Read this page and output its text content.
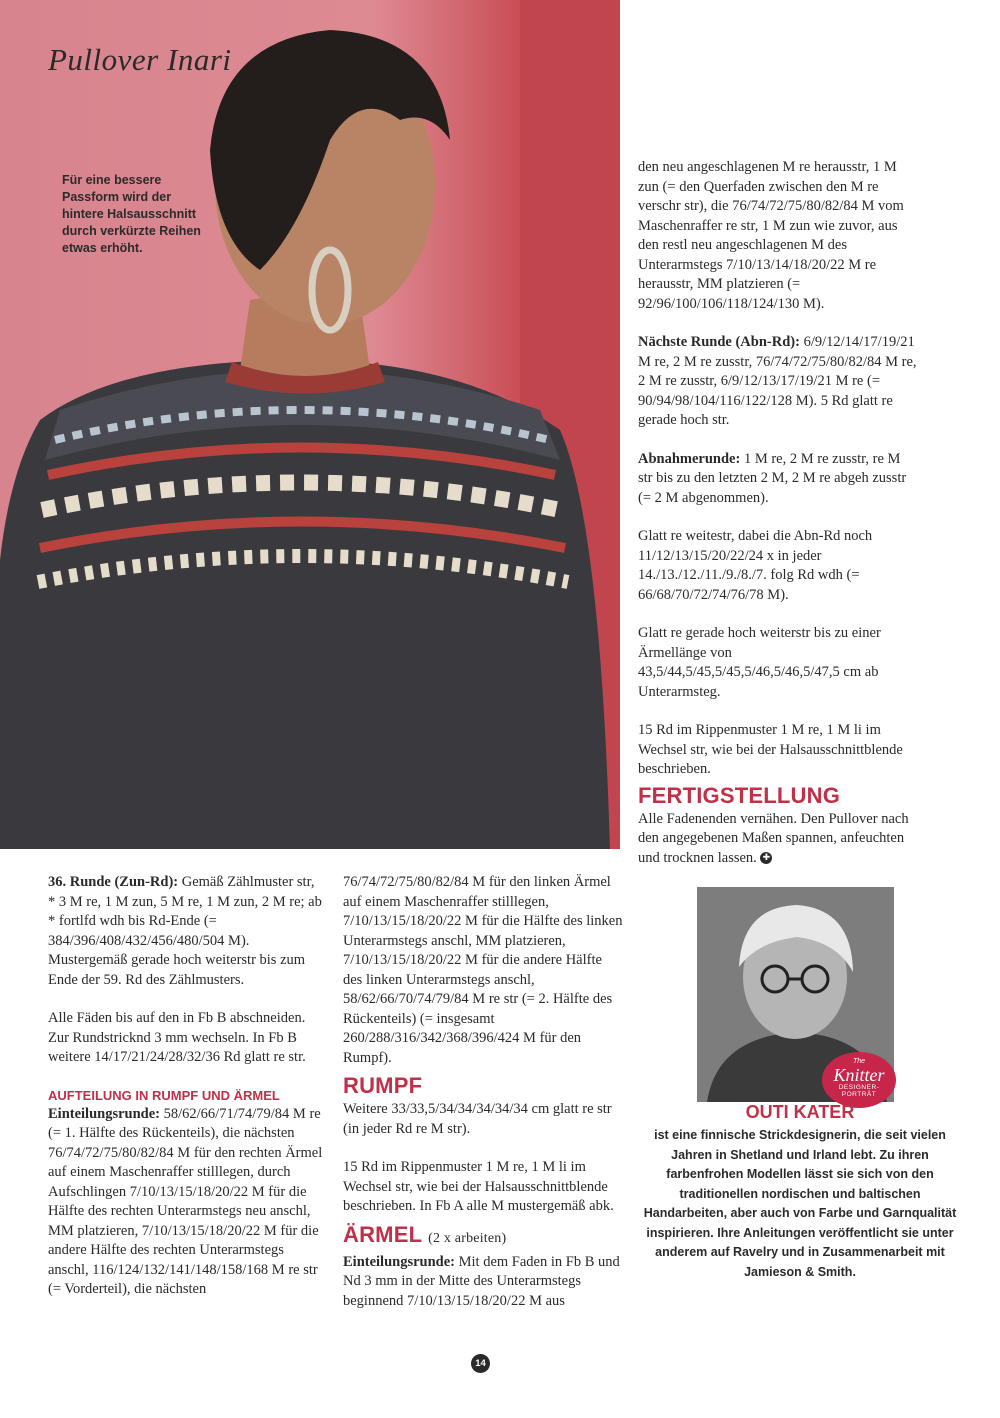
Pullover Inari
Für eine bessere Passform wird der hintere Halsausschnitt durch verkürzte Reihen etwas erhöht.

den neu angeschlagenen M re herausstr, 1 M zun (= den Querfaden zwischen den M re verschr str), die 76/74/72/75/80/82/84 M vom Maschenraffer re str, 1 M zun wie zuvor, aus den restl neu angeschlagenen M des Unterarmstegs 7/10/13/14/18/20/22 M re herausstr, MM platzieren (= 92/96/100/106/118/124/130 M).

Nächste Runde (Abn-Rd): 6/9/12/14/17/19/21 M re, 2 M re zusstr, 76/74/72/75/80/82/84 M re, 2 M re zusstr, 6/9/12/13/17/19/21 M re (= 90/94/98/104/116/122/128 M). 5 Rd glatt re gerade hoch str.

Abnahmerunde: 1 M re, 2 M re zusstr, re M str bis zu den letzten 2 M, 2 M re abgeh zusstr (= 2 M abgenommen).

Glatt re weitestr, dabei die Abn-Rd noch 11/12/13/15/20/22/24 x in jeder 14./13./12./11./9./8./7. folg Rd wdh (= 66/68/70/72/74/76/78 M).

Glatt re gerade hoch weiterstr bis zu einer Ärmellänge von 43,5/44,5/45,5/45,5/46,5/46,5/47,5 cm ab Unterarmsteg.

15 Rd im Rippenmuster 1 M re, 1 M li im Wechsel str, wie bei der Halsausschnittblende beschrieben.

FERTIGSTELLUNG

Alle Fadenenden vernähen. Den Pullover nach den angegebenen Maßen spannen, anfeuchten und trocknen lassen. ✚

36. Runde (Zun-Rd): Gemäß Zählmuster str, * 3 M re, 1 M zun, 5 M re, 1 M zun, 2 M re; ab * fortlfd wdh bis Rd-Ende (= 384/396/408/432/456/480/504 M). Mustergemäß gerade hoch weiterstr bis zum Ende der 59. Rd des Zählmusters.

Alle Fäden bis auf den in Fb B abschneiden. Zur Rundstricknd 3 mm wechseln. In Fb B weitere 14/17/21/24/28/32/36 Rd glatt re str.

AUFTEILUNG IN RUMPF UND ÄRMEL

Einteilungsrunde: 58/62/66/71/74/79/84 M re (= 1. Hälfte des Rückenteils), die nächsten 76/74/72/75/80/82/84 M für den rechten Ärmel auf einem Maschenraffer stilllegen, durch Aufschlingen 7/10/13/15/18/20/22 M für die Hälfte des rechten Unterarmstegs neu anschl, MM platzieren, 7/10/13/15/18/20/22 M für die andere Hälfte des rechten Unterarmstegs anschl, 116/124/132/141/148/158/168 M re str (= Vorderteil), die nächsten

76/74/72/75/80/82/84 M für den linken Ärmel auf einem Maschenraffer stilllegen, 7/10/13/15/18/20/22 M für die Hälfte des linken Unterarmstegs anschl, MM platzieren, 7/10/13/15/18/20/22 M für die andere Hälfte des linken Unterarmstegs anschl, 58/62/66/70/74/79/84 M re str (= 2. Hälfte des Rückenteils) (= insgesamt 260/288/316/342/368/396/424 M für den Rumpf).

RUMPF

Weitere 33/33,5/34/34/34/34/34 cm glatt re str (in jeder Rd re M str).

15 Rd im Rippenmuster 1 M re, 1 M li im Wechsel str, wie bei der Halsausschnittblende beschrieben. In Fb A alle M mustergemäß abk.

ÄRMEL (2 x arbeiten)

Einteilungsrunde: Mit dem Faden in Fb B und Nd 3 mm in der Mitte des Unterarmstegs beginnend 7/10/13/15/18/20/22 M aus

The
Knitter
DESIGNER-PORTRÄT
OUTI KATER

ist eine finnische Strickdesignerin, die seit vielen Jahren in Shetland und Irland lebt. Zu ihren farbenfrohen Modellen lässt sie sich von den traditionellen nordischen und baltischen Handarbeiten, aber auch von Farbe und Garnqualität inspirieren. Ihre Anleitungen veröffentlicht sie unter anderem auf Ravelry und in Zusammenarbeit mit Jamieson & Smith.

14
